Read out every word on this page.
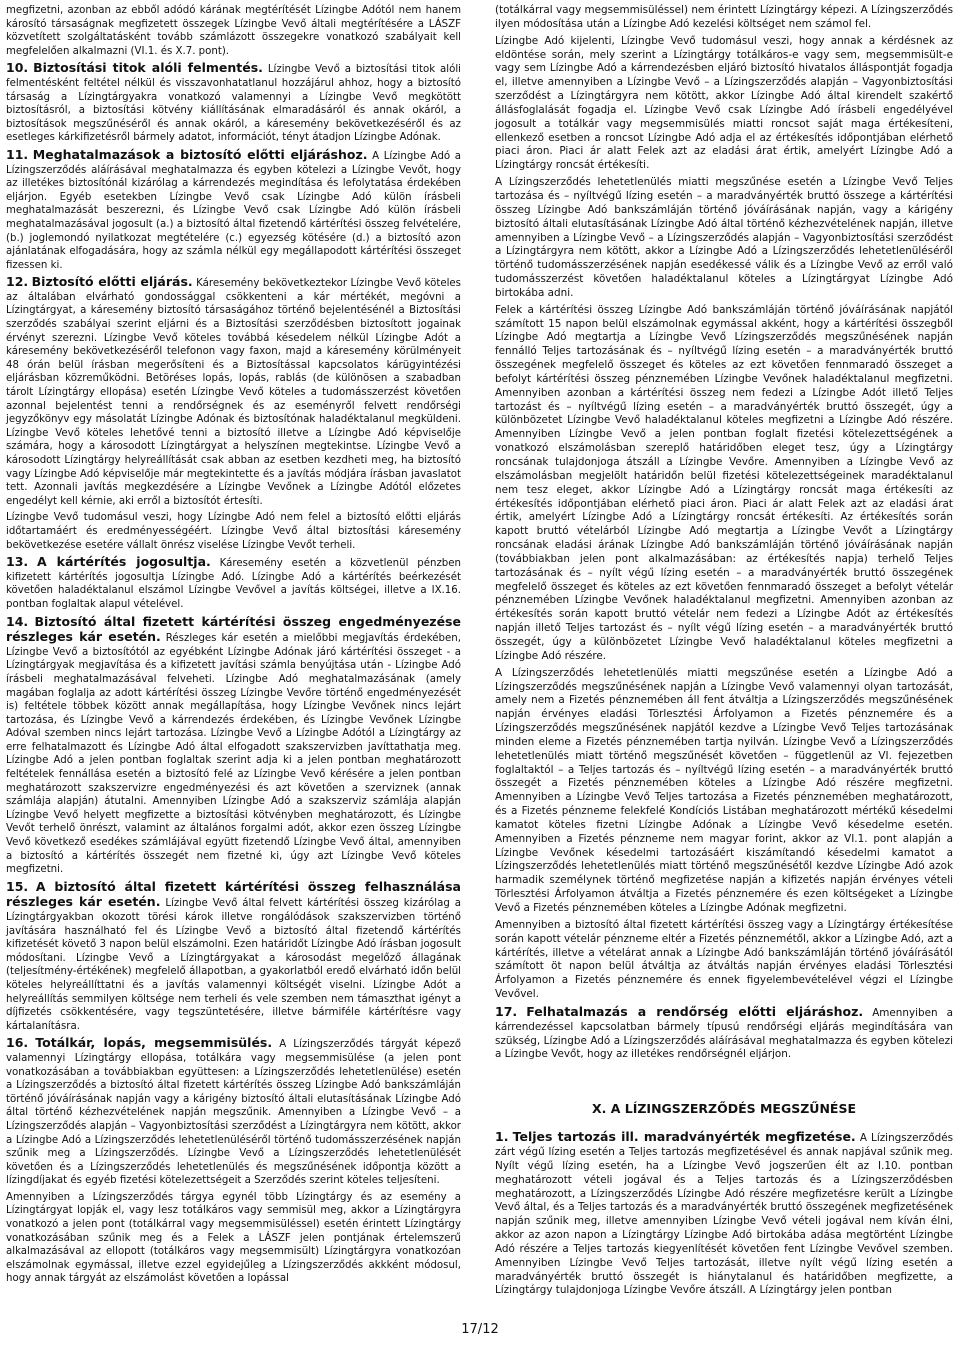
megfizetni, azonban az ebből adódó kárának megtérítését Lízingbe Adótól nem hanem károsító társaságnak megfizetett összegek Lízingbe Vevő általi megtérítésére a LÁSZF közvetített szolgáltatásként tovább számlázott összegekre vonatkozó szabályait kell megfelelően alkalmazni (VI.1. és X.7. pont).

10. Biztosítási titok alóli felmentés. Lízingbe Vevő a biztosítási titok alóli felmentésként feltétel nélkül és visszavonhatatlanul hozzájárul ahhoz, hogy a biztosító társaság a Lízingtárgyakra vonatkozó valamennyi a Lízingbe Vevő megkötött biztosításról, a biztosítási kötvény kiállításának elmaradásáról és annak okáról, a biztosítások megszűnéséről és annak okáról, a káresemény bekövetkezéséről és az esetleges kárkifizetésről bármely adatot, információt, tényt átadjon Lízingbe Adónak.

11. Meghatalmazások a biztosító előtti eljáráshoz. A Lízingbe Adó a Lízingszerződés aláírásával meghatalmazza és egyben kötelezi a Lízingbe Vevőt, hogy az illetékes biztosítónál kizárólag a kárrendezés megindítása és lefolytatása érdekében eljárjon. Egyéb esetekben Lízingbe Vevő csak Lízingbe Adó külön írásbeli meghatalmazását beszerezni, és Lízingbe Vevő csak Lízingbe Adó külön írásbeli meghatalmazásával jogosult (a.) a biztosító által fizetendő kártérítési összeg felvételére, (b.) joglemondó nyilatkozat megtételére (c.) egyezség kötésére (d.) a biztosító azon ajánlatának elfogadására, hogy az számla nélkül egy megállapodott kártérítési összeget fizessen ki.

12. Biztosító előtti eljárás. Káresemény bekövetkeztekor Lízingbe Vevő köteles az általában elvárható gondossággal csökkenteni a kár mértékét, megóvni a Lízingtárgyat, a káresemény biztosító társaságához történő bejelentésénél a Biztosítási szerződés szabályai szerint eljárni és a Biztosítási szerződésben biztosított jogainak érvényt szerezni. Lízingbe Vevő köteles továbbá késedelem nélkül Lízingbe Adót a káresemény bekövetkezéséről telefonon vagy faxon, majd a káresemény körülményeit 48 órán belül írásban megerősíteni és a Biztosítással kapcsolatos kárügyintézési eljárásban közreműködni. Betöréses lopás, lopás, rablás (de különösen a szabadban tárolt Lízingtárgy ellopása) esetén Lízingbe Vevő köteles a tudomásszerzést követően azonnal bejelentést tenni a rendőrségnek és az eseményről felvett rendőrségi jegyzőkönyv egy másolatát Lízingbe Adónak és biztosítónak haladéktalanul megküldeni. Lízingbe Vevő köteles lehetővé tenni a biztosító illetve a Lízingbe Adó képviselője számára, hogy a károsodott Lízingtárgyat a helyszínen megtekintse. Lízingbe Vevő a károsodott Lízingtárgy helyreállítását csak abban az esetben kezdheti meg, ha biztosító vagy Lízingbe Adó képviselője már megtekintette és a javítás módjára írásban javaslatot tett. Azonnali javítás megkezdésére a Lízingbe Vevőnek a Lízingbe Adótól előzetes engedélyt kell kérnie, aki erről a biztosítót értesíti.

Lízingbe Vevő tudomásul veszi, hogy Lízingbe Adó nem felel a biztosító előtti eljárás időtartamáért és eredményességéért. Lízingbe Vevő által biztosítási káresemény bekövetkezése esetére vállalt önrész viselése Lízingbe Vevőt terheli.

13. A kártérítés jogosultja. Káresemény esetén a közvetlenül pénzben kifizetett kártérítés jogosultja Lízingbe Adó. Lízingbe Adó a kártérítés beérkezését követően haladéktalanul elszámol Lízingbe Vevővel a javítás költségei, illetve a IX.16. pontban foglaltak alapul vételével.

14. Biztosító által fizetett kártérítési összeg engedményezése részleges kár esetén. Részleges kár esetén a mielőbbi megjavítás érdekében, Lízingbe Vevő a biztosítótól az egyébként Lízingbe Adónak járó kártérítési összeget - a Lízingtárgyak megjavítása és a kifizetett javítási számla benyújtása után - Lízingbe Adó írásbeli meghatalmazásával felveheti. Lízingbe Adó meghatalmazásának (amely magában foglalja az adott kártérítési összeg Lízingbe Vevőre történő engedményezését is) feltétele többek között annak megállapítása, hogy Lízingbe Vevőnek nincs lejárt tartozása, és Lízingbe Vevő a kárrendezés érdekében, és Lízingbe Vevőnek Lízingbe Adóval szemben nincs lejárt tartozása. Lízingbe Vevő a Lízingbe Adótól a Lízingtárgy az erre felhatalmazott és Lízingbe Adó által elfogadott szakszervizben javíttathatja meg. Lízingbe Adó a jelen pontban foglaltak szerint adja ki a jelen pontban meghatározott feltételek fennállása esetén a biztosító felé az Lízingbe Vevő kérésére a jelen pontban meghatározott szakszervizre engedményezési és azt követően a szerviznek (annak számlája alapján) átutalni. Amennyiben Lízingbe Adó a szakszerviz számlája alapján Lízingbe Vevő helyett megfizette a biztosítási kötvényben meghatározott, és Lízingbe Vevőt terhelő önrészt, valamint az általános forgalmi adót, akkor ezen összeg Lízingbe Vevő következő esedékes számlájával együtt fizetendő Lízingbe Vevő által, amennyiben a biztosító a kártérítés összegét nem fizetné ki, úgy azt Lízingbe Vevő köteles megfizetni.

15. A biztosító által fizetett kártérítési összeg felhasználása részleges kár esetén. Lízingbe Vevő által felvett kártérítési összeg kizárólag a Lízingtárgyakban okozott törési károk illetve rongálódások szakszervizben történő javítására használható fel és Lízingbe Vevő a biztosító által fizetendő kártérítés kifizetését követő 3 napon belül elszámolni. Ezen határidőt Lízingbe Adó írásban jogosult módosítani. Lízingbe Vevő a Lízingtárgyakat a károsodást megelőző állagának (teljesítmény-értékének) megfelelő állapotban, a gyakorlatból eredő elvárható időn belül köteles helyreállíttatni és a javítás valamennyi költségét viselni. Lízingbe Adót a helyreállítás semmilyen költsége nem terheli és vele szemben nem támaszthat igényt a díjfizetés csökkentésére, vagy tegszüntetésére, illetve bármiféle kártérítésre vagy kártalanításra.

16. Totálkár, lopás, megsemmisülés. A Lízingszerződés tárgyát képező valamennyi Lízingtárgy ellopása, totálkára vagy megsemmisülése (a jelen pont vonatkozásában a továbbiakban együttesen: a Lízingszerződés lehetetlenülése) esetén a Lízingszerződés a biztosító által fizetett kártérítés összeg Lízingbe Adó bankszámláján történő jóváírásának napján vagy a kárigény biztosító általi elutasításának Lízingbe Adó által történő kézhezvételének napján megszűnik. Amennyiben a Lízingbe Vevő – a Lízingszerződés alapján – Vagyonbiztosítási szerződést a Lízingtárgyra nem kötött, akkor a Lízingbe Adó a Lízingszerződés lehetetlenüléséről történő tudomásszerzésének napján szűnik meg a Lízingszerződés. Lízingbe Vevő a Lízingszerződés lehetetlenülését követően és a Lízingszerződés lehetetlenülés és megszűnésének időpontja között a lízingdíjakat és egyéb fizetési kötelezettségeit a Szerződés szerint köteles teljesíteni.

Amennyiben a Lízingszerződés tárgya egynél több Lízingtárgy és az esemény a Lízingtárgyat lopják el, vagy lesz totálkáros vagy semmisül meg, akkor a Lízingtárgyra vonatkozó a jelen pont (totálkárral vagy megsemmisüléssel) esetén érintett Lízingtárgy vonatkozásában szűnik meg és a Felek a LÁSZF jelen pontjának értelemszerű alkalmazásával az ellopott (totálkáros vagy megsemmisült) Lízingtárgyra vonatkozóan elszámolnak egymással, illetve ezzel egyidejűleg a Lízingszerződés akkként módosul, hogy annak tárgyát az elszámolást követően a lopással

(totálkárral vagy megsemmisüléssel) nem érintett Lízingtárgy képezi. A Lízingszerződés ilyen módosítása után a Lízingbe Adó kezelési költséget nem számol fel.

Lízingbe Adó kijelenti, Lízingbe Vevő tudomásul veszi, hogy annak a kérdésnek az eldöntése során, mely szerint a Lízingtárgy totálkáros-e vagy sem, megsemmisült-e vagy sem Lízingbe Adó a kárrendezésben eljáró biztosító hivatalos álláspontját fogadja el, illetve amennyiben a Lízingbe Vevő – a Lízingszerződés alapján – Vagyonbiztosítási szerződést a Lízingtárgyra nem kötött, akkor Lízingbe Adó által kirendelt szakértő állásfoglalását fogadja el. Lízingbe Vevő csak Lízingbe Adó írásbeli engedélyével jogosult a totálkár vagy megsemmisülés miatti roncsot saját maga értékesíteni, ellenkező esetben a roncsot Lízingbe Adó adja el az értékesítés időpontjában elérhető piaci áron. Piaci ár alatt Felek azt az eladási árat értik, amelyért Lízingbe Adó a Lízingtárgy roncsát értékesíti.

A Lízingszerződés lehetetlenülés miatti megszűnése esetén a Lízingbe Vevő Teljes tartozása és – nyíltvégű lízing esetén – a maradványérték bruttó összege a kártérítési összeg Lízingbe Adó bankszámláján történő jóváírásának napján, vagy a kárigény biztosító általi elutasításának Lízingbe Adó által történő kézhezvételének napján, illetve amennyiben a Lízingbe Vevő – a Lízingszerződés alapján – Vagyonbiztosítási szerződést a Lízingtárgyra nem kötött, akkor a Lízingbe Adó a Lízingszerződés lehetetlenüléséről történő tudomásszerzésének napján esedékessé válik és a Lízingbe Vevő az erről való tudomásszerzést követően haladéktalanul köteles a Lízingtárgyat Lízingbe Adó birtokába adni.

Felek a kártérítési összeg Lízingbe Adó bankszámláján történő jóváírásának napjától számított 15 napon belül elszámolnak egymással akként, hogy a kártérítési összegből Lízingbe Adó megtartja a Lízingbe Vevő Lízingszerződés megszűnésének napján fennálló Teljes tartozásának és – nyíltvégű lízing esetén – a maradványérték bruttó összegének megfelelő összeget és köteles az ezt követően fennmaradó összeget a befolyt kártérítési összeg pénznemében Lízingbe Vevőnek haladéktalanul megfizetni. Amennyiben azonban a kártérítési összeg nem fedezi a Lízingbe Adót illető Teljes tartozást és – nyíltvégű lízing esetén – a maradványérték bruttó összegét, úgy a különbözetet Lízingbe Vevő haladéktalanul köteles megfizetni a Lízingbe Adó részére. Amennyiben Lízingbe Vevő a jelen pontban foglalt fizetési kötelezettségének a vonatkozó elszámolásban szereplő határidőben eleget tesz, úgy a Lízingtárgy roncsának tulajdonjoga átszáll a Lízingbe Vevőre. Amennyiben a Lízingbe Vevő az elszámolásban megjelölt határidőn belül fizetési kötelezettségeinek maradéktalanul nem tesz eleget, akkor Lízingbe Adó a Lízingtárgy roncsát maga értékesíti az értékesítés időpontjában elérhető piaci áron. Piaci ár alatt Felek azt az eladási árat értik, amelyért Lízingbe Adó a Lízingtárgy roncsát értékesíti. Az értékesítés során kapott bruttó vételárból Lízingbe Adó megtartja a Lízingbe Vevőt a Lízingtárgy roncsának eladási árának Lízingbe Adó bankszámláján történő jóváírásának napján (továbbiakban jelen pont alkalmazásában: az értékesítés napja) terhelő Teljes tartozásának és – nyílt végű lízing esetén – a maradványérték bruttó összegének megfelelő összeget és köteles az ezt követően fennmaradó összeget a befolyt vételár pénznemében Lízingbe Vevőnek haladéktalanul megfizetni. Amennyiben azonban az értékesítés során kapott bruttó vételár nem fedezi a Lízingbe Adót az értékesítés napján illető Teljes tartozást és – nyílt végű lízing esetén – a maradványérték bruttó összegét, úgy a különbözetet Lízingbe Vevő haladéktalanul köteles megfizetni a Lízingbe Adó részére.

A Lízingszerződés lehetetlenülés miatti megszűnése esetén a Lízingbe Adó a Lízingszerződés megszűnésének napján a Lízingbe Vevő valamennyi olyan tartozását, amely nem a Fizetés pénznemében áll fent átváltja a Lízingszerződés megszűnésének napján érvényes eladási Törlesztési Árfolyamon a Fizetés pénznemére és a Lízingszerződés megszűnésének napjától kezdve a Lízingbe Vevő Teljes tartozásának minden eleme a Fizetés pénznemében tartja nyilván. Lízingbe Vevő a Lízingszerződés lehetetlenülés miatt történő megszűnését követően – függetlenül az VI. fejezetben foglaltaktól – a Teljes tartozás és – nyíltvégű lízing esetén – a maradványérték bruttó összegét a Fizetés pénznemében köteles a Lízingbe Adó részére megfizetni. Amennyiben a Lízingbe Vevő Teljes tartozása a Fizetés pénznemében meghatározott, és a Fizetés pénzneme felekfelé Kondíciós Listában meghatározott mértékű késedelmi kamatot köteles fizetni Lízingbe Adónak a Lízingbe Vevő késedelme esetén. Amennyiben a Fizetés pénzneme nem magyar forint, akkor az VI.1. pont alapján a Lízingbe Vevőnek késedelmi tartozásáért kiszámítandó késedelmi kamatot a Lízingszerződés lehetetlenülés miatt történő megszűnésétől kezdve Lízingbe Adó azok harmadik személynek történő megfizetése napján a kifizetés napján érvényes vételi Törlesztési Árfolyamon átváltja a Fizetés pénznemére és ezen költségeket a Lízingbe Vevő a Fizetés pénznemében köteles a Lízingbe Adónak megfizetni.

Amennyiben a biztosító által fizetett kártérítési összeg vagy a Lízingtárgy értékesítése során kapott vételár pénzneme eltér a Fizetés pénznemétől, akkor a Lízingbe Adó, azt a kártérítés, illetve a vételárat annak a Lízingbe Adó bankszámláján történő jóváírásától számított öt napon belül átváltja az átváltás napján érvényes eladási Törlesztési Árfolyamon a Fizetés pénznemére és ennek figyelembevételével végzi el Lízingbe Vevővel.

17. Felhatalmazás a rendőrség előtti eljáráshoz. Amennyiben a kárrendezéssel kapcsolatban bármely típusú rendőrségi eljárás megindítására van szükség, Lízingbe Adó a Lízingszerződés aláírásával meghatalmazza és egyben kötelezi a Lízingbe Vevőt, hogy az illetékes rendőrségnél eljárjon.

X. A LÍZINGSZERZŐDÉS MEGSZŰNÉSE

1. Teljes tartozás ill. maradványérték megfizetése. A Lízingszerződés zárt végű lízing esetén a Teljes tartozás megfizetésével és annak napjával szűnik meg. Nyílt végű lízing esetén, ha a Lízingbe Vevő jogszerűen élt az I.10. pontban meghatározott vételi jogával és a Teljes tartozás és a Lízingszerződésben meghatározott, a Lízingszerződés Lízingbe Adó részére megfizetésre került a Lízingbe Vevő által, és a Teljes tartozás és a maradványérték bruttó összegének megfizetésének napján szűnik meg, illetve amennyiben Lízingbe Vevő vételi jogával nem kíván élni, akkor az azon napon a Lízingtárgy Lízingbe Adó birtokába adása megtörtént Lízingbe Adó részére a Teljes tartozás kiegyenlítését követően fent Lízingbe Vevővel szemben. Amennyiben Lízingbe Vevő Teljes tartozását, illetve nyílt végű lízing esetén a maradványérték bruttó összegét is hiánytalanul és határidőben megfizette, a Lízingtárgy tulajdonjoga Lízingbe Vevőre átszáll. A Lízingtárgy jelen pontban

17/12
